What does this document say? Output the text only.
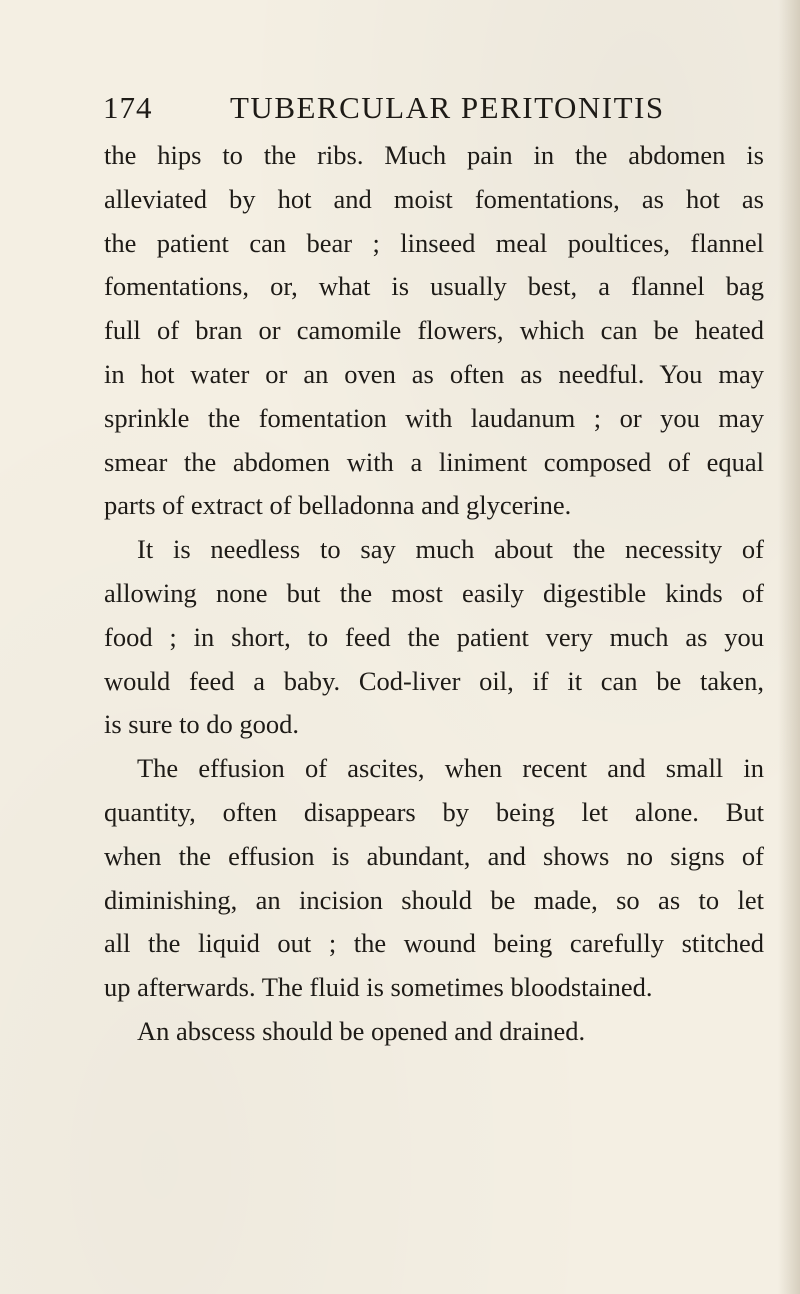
174	TUBERCULAR PERITONITIS
the hips to the ribs. Much pain in the abdomen is
alleviated by hot and moist fomentations, as hot as
the patient can bear ; linseed meal poultices, flannel
fomentations, or, what is usually best, a flannel bag
full of bran or camomile flowers, which can be heated
in hot water or an oven as often as needful. You may
sprinkle the fomentation with laudanum ; or you may
smear the abdomen with a liniment composed of equal
parts of extract of belladonna and glycerine.
It is needless to say much about the necessity of
allowing none but the most easily digestible kinds of
food ; in short, to feed the patient very much as you
would feed a baby. Cod-liver oil, if it can be taken,
is sure to do good.
The effusion of ascites, when recent and small in
quantity, often disappears by being let alone. But
when the effusion is abundant, and shows no signs of
diminishing, an incision should be made, so as to let
all the liquid out ; the wound being carefully stitched
up afterwards. The fluid is sometimes bloodstained.
An abscess should be opened and drained.
